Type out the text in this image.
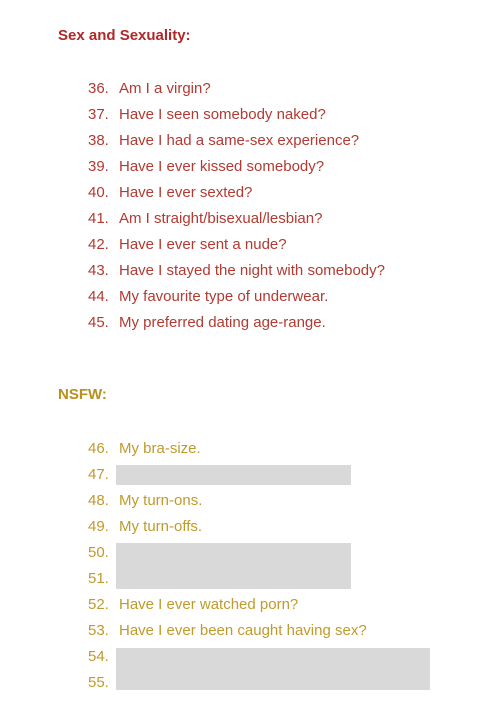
Sex and Sexuality:
36. Am I a virgin?
37. Have I seen somebody naked?
38. Have I had a same-sex experience?
39. Have I ever kissed somebody?
40. Have I ever sexted?
41. Am I straight/bisexual/lesbian?
42. Have I ever sent a nude?
43. Have I stayed the night with somebody?
44. My favourite type of underwear.
45. My preferred dating age-range.
NSFW:
46. My bra-size.
47.
48. My turn-ons.
49. My turn-offs.
50.
51.
52. Have I ever watched porn?
53. Have I ever been caught having sex?
54.
55.
